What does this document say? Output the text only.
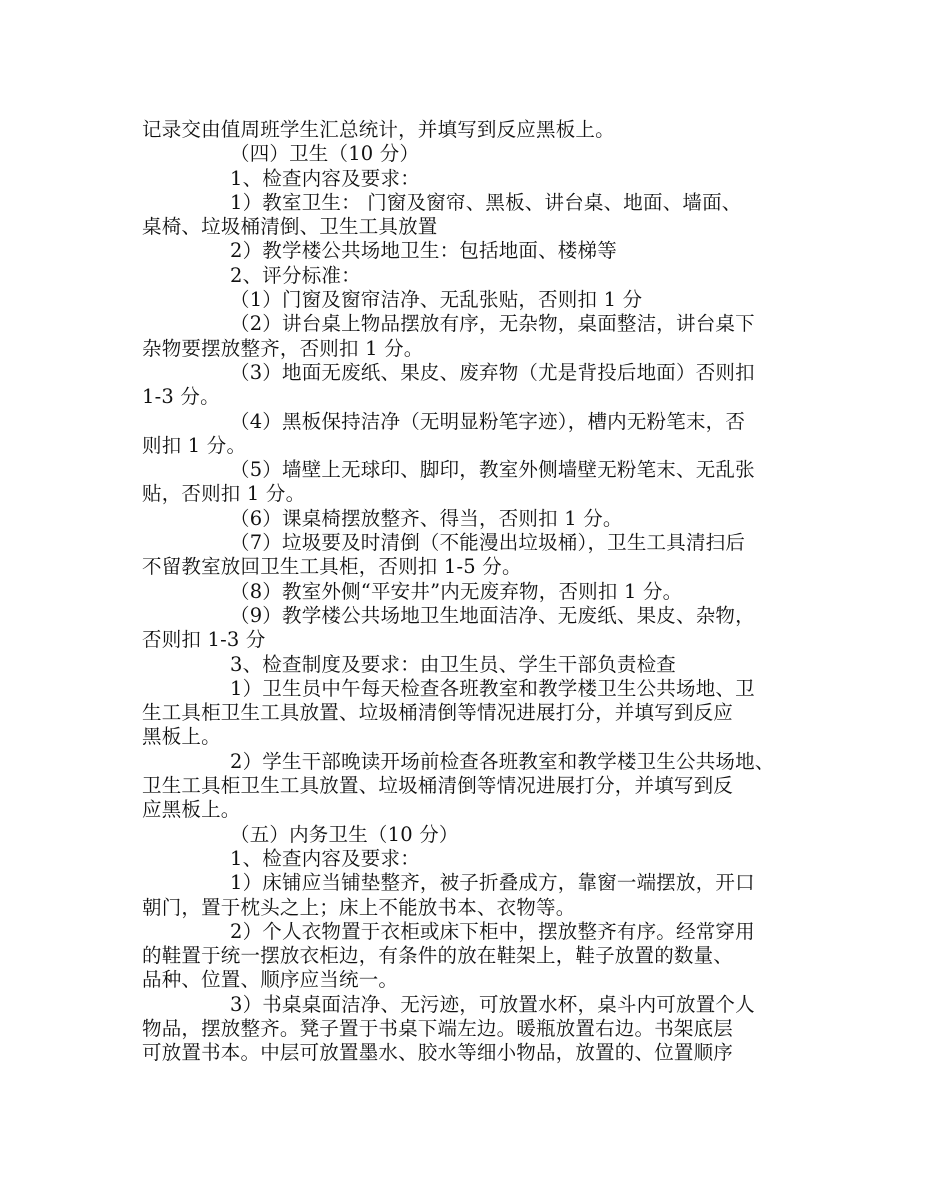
记录交由值周班学生汇总统计，并填写到反应黑板上。
（四）卫生（10 分）
1、检查内容及要求：
1）教室卫生： 门窗及窗帘、黑板、讲台桌、地面、墙面、
桌椅、垃圾桶清倒、卫生工具放置
2）教学楼公共场地卫生：包括地面、楼梯等
2、评分标准：
（1）门窗及窗帘洁净、无乱张贴，否则扣 1 分
（2）讲台桌上物品摆放有序，无杂物，桌面整洁，讲台桌下
杂物要摆放整齐，否则扣 1 分。
（3）地面无废纸、果皮、废弃物（尤是背投后地面）否则扣
1-3 分。
（4）黑板保持洁净（无明显粉笔字迹），槽内无粉笔末，否
则扣 1 分。
（5）墙壁上无球印、脚印，教室外侧墙壁无粉笔末、无乱张
贴，否则扣 1 分。
（6）课桌椅摆放整齐、得当，否则扣 1 分。
（7）垃圾要及时清倒（不能漫出垃圾桶），卫生工具清扫后
不留教室放回卫生工具柜，否则扣 1-5 分。
（8）教室外侧“平安井”内无废弃物，否则扣 1 分。
（9）教学楼公共场地卫生地面洁净、无废纸、果皮、杂物，
否则扣 1-3 分
3、检查制度及要求：由卫生员、学生干部负责检查
1）卫生员中午每天检查各班教室和教学楼卫生公共场地、卫
生工具柜卫生工具放置、垃圾桶清倒等情况进展打分，并填写到反应
黑板上。
2）学生干部晚读开场前检查各班教室和教学楼卫生公共场地、
卫生工具柜卫生工具放置、垃圾桶清倒等情况进展打分，并填写到反
应黑板上。
（五）内务卫生（10 分）
1、检查内容及要求：
1）床铺应当铺垫整齐，被子折叠成方，靠窗一端摆放，开口
朝门，置于枕头之上；床上不能放书本、衣物等。
2）个人衣物置于衣柜或床下柜中，摆放整齐有序。经常穿用
的鞋置于统一摆放衣柜边，有条件的放在鞋架上，鞋子放置的数量、
品种、位置、顺序应当统一。
3）书桌桌面洁净、无污迹，可放置水杯，桌斗内可放置个人
物品，摆放整齐。凳子置于书桌下端左边。暖瓶放置右边。书架底层
可放置书本。中层可放置墨水、胶水等细小物品，放置的、位置顺序
